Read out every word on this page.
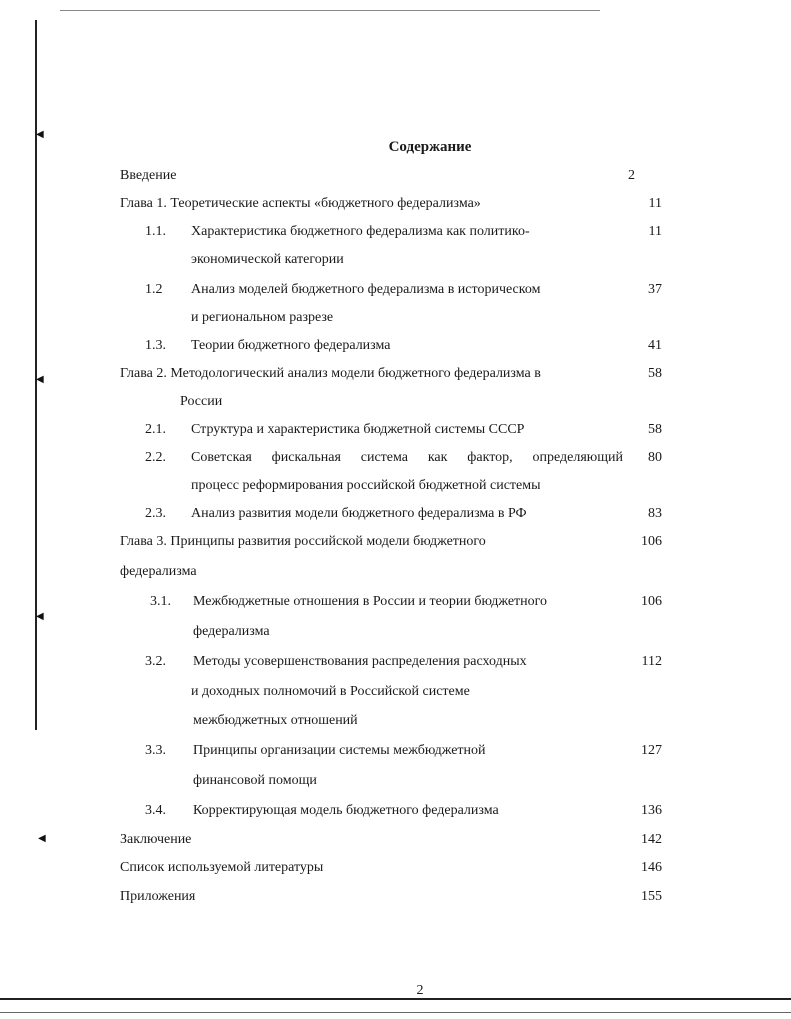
◀
◀
◀
◀
Содержание
Введение	2
Глава 1. Теоретические аспекты «бюджетного федерализма»	11
1.1. Характеристика бюджетного федерализма как политико-	11
экономической категории
1.2 Анализ моделей бюджетного федерализма в историческом	37
и региональном разрезе
1.3. Теории бюджетного федерализма	41
Глава 2. Методологический анализ модели бюджетного федерализма в	58
России
2.1. Структура и характеристика бюджетной системы СССР	58
2.2. Советская фискальная система как фактор, определяющий	80
процесс реформирования российской бюджетной системы
2.3. Анализ развития модели бюджетного федерализма в РФ	83
Глава 3. Принципы развития российской модели бюджетного	106
федерализма
3.1. Межбюджетные отношения в России и теории бюджетного	106
федерализма
3.2. Методы усовершенствования распределения расходных	112
и доходных полномочий в Российской системе
межбюджетных отношений
3.3. Принципы организации системы межбюджетной	127
финансовой помощи
3.4. Корректирующая модель бюджетного федерализма	136
Заключение	142
Список используемой литературы	146
Приложения	155
2
